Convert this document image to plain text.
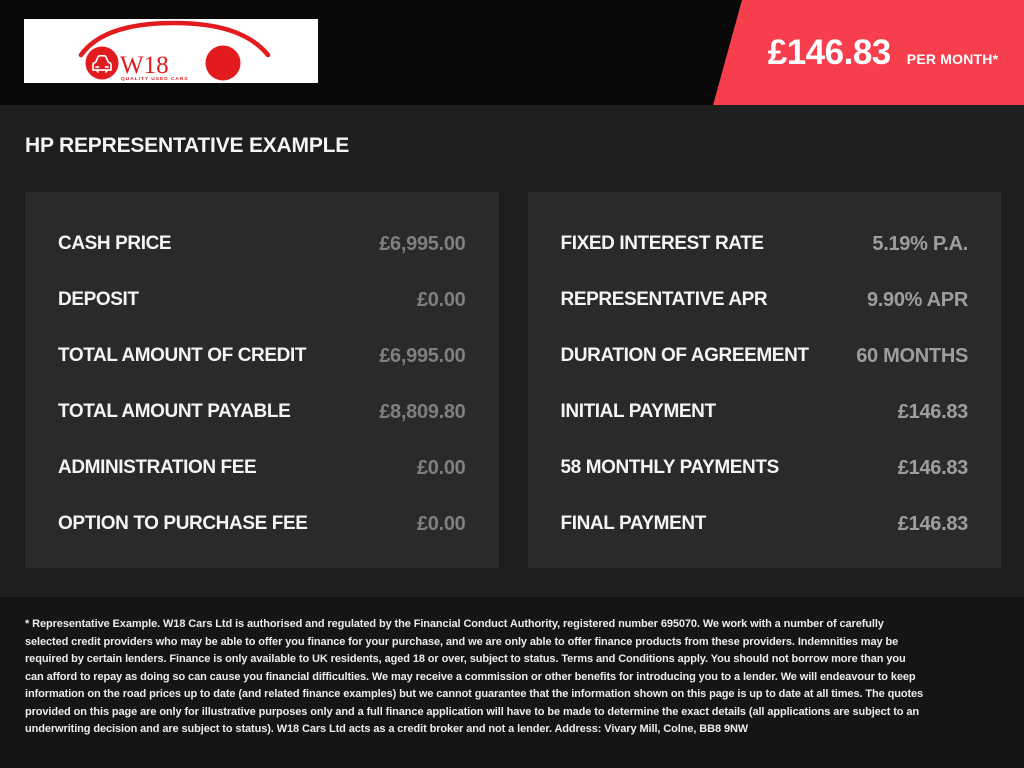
W18
QUALITY USED CARS
£146.83 PER MONTH*
HP REPRESENTATIVE EXAMPLE
CASH PRICE	£6,995.00
DEPOSIT	£0.00
TOTAL AMOUNT OF CREDIT	£6,995.00
TOTAL AMOUNT PAYABLE	£8,809.80
ADMINISTRATION FEE	£0.00
OPTION TO PURCHASE FEE	£0.00
FIXED INTEREST RATE	5.19% P.A.
REPRESENTATIVE APR	9.90% APR
DURATION OF AGREEMENT 60 MONTHS
INITIAL PAYMENT	£146.83
58 MONTHLY PAYMENTS	£146.83
FINAL PAYMENT	£146.83
* Representative Example. W18 Cars Ltd is authorised and regulated by the Financial Conduct Authority, registered number 695070. We work with a number of carefully selected credit providers who may be able to offer you finance for your purchase, and we are only able to offer finance products from these providers. Indemnities may be required by certain lenders. Finance is only available to UK residents, aged 18 or over, subject to status. Terms and Conditions apply. You should not borrow more than you can afford to repay as doing so can cause you financial difficulties. We may receive a commission or other benefits for introducing you to a lender. We will endeavour to keep information on the road prices up to date (and related finance examples) but we cannot guarantee that the information shown on this page is up to date at all times. The quotes provided on this page are only for illustrative purposes only and a full finance application will have to be made to determine the exact details (all applications are subject to an underwriting decision and are subject to status). W18 Cars Ltd acts as a credit broker and not a lender. Address: Vivary Mill, Colne, BB8 9NW
